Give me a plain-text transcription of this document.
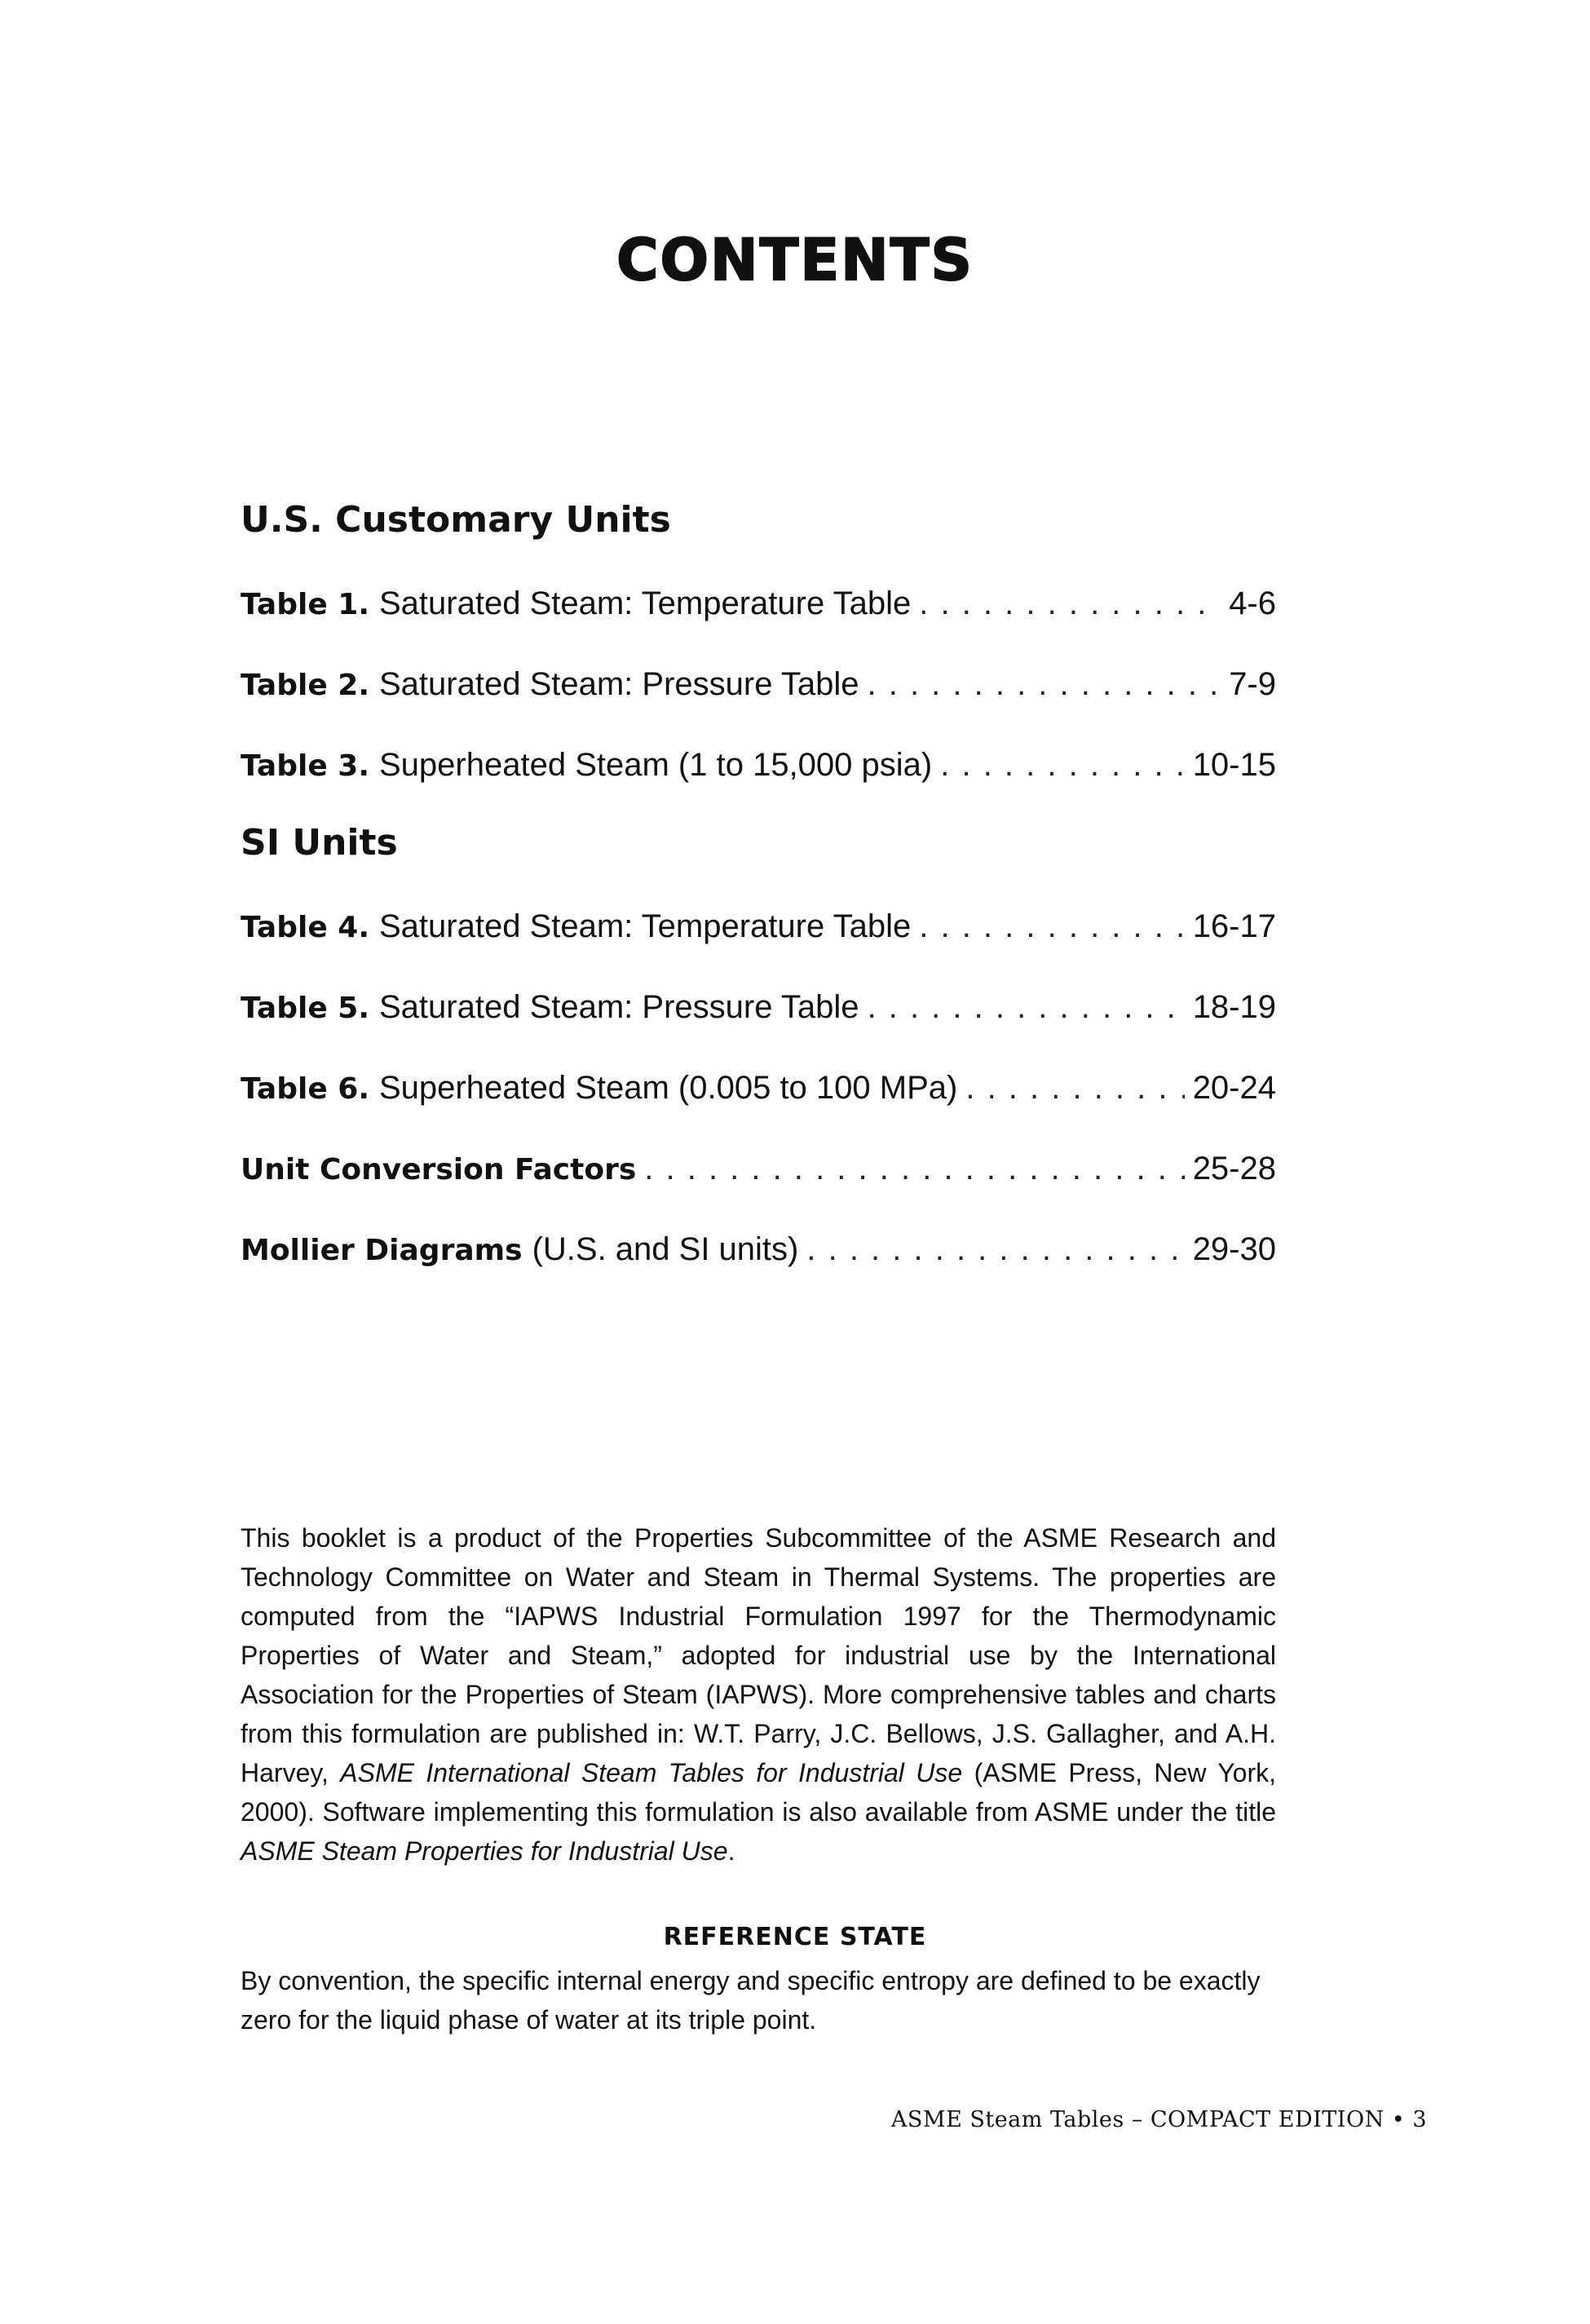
CONTENTS
U.S. Customary Units
Table 1. Saturated Steam: Temperature Table . . .	4-6
Table 2. Saturated Steam: Pressure Table . . .	7-9
Table 3. Superheated Steam (1 to 15,000 psia) . . .	10-15
SI Units
Table 4. Saturated Steam: Temperature Table . . .	16-17
Table 5. Saturated Steam: Pressure Table . . .	18-19
Table 6. Superheated Steam (0.005 to 100 MPa) . . .	20-24
Unit Conversion Factors . . .	25-28
Mollier Diagrams (U.S. and SI units) . . .	29-30
This booklet is a product of the Properties Subcommittee of the ASME Research and Technology Committee on Water and Steam in Thermal Systems. The properties are computed from the “IAPWS Industrial Formulation 1997 for the Thermodynamic Properties of Water and Steam,” adopted for industrial use by the International Association for the Properties of Steam (IAPWS). More comprehensive tables and charts from this formulation are published in: W.T. Parry, J.C. Bellows, J.S. Gallagher, and A.H. Harvey, ASME International Steam Tables for Industrial Use (ASME Press, New York, 2000). Software implementing this formulation is also available from ASME under the title ASME Steam Properties for Industrial Use.
REFERENCE STATE
By convention, the specific internal energy and specific entropy are defined to be exactly zero for the liquid phase of water at its triple point.
ASME Steam Tables – COMPACT EDITION • 3
